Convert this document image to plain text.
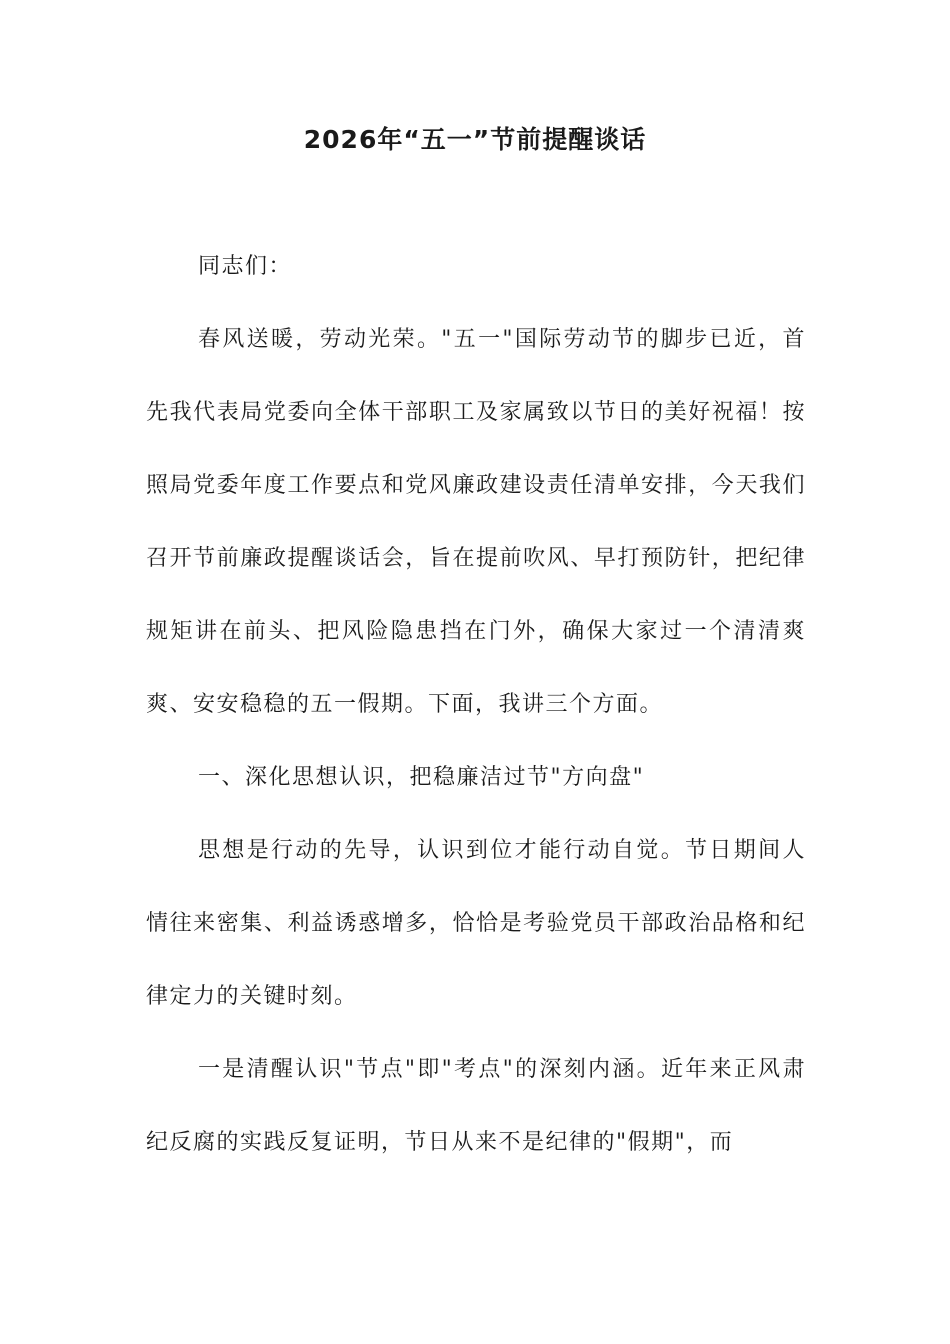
2026年“五一”节前提醒谈话

同志们：

春风送暖，劳动光荣。"五一"国际劳动节的脚步已近，首先我代表局党委向全体干部职工及家属致以节日的美好祝福！按照局党委年度工作要点和党风廉政建设责任清单安排，今天我们召开节前廉政提醒谈话会，旨在提前吹风、早打预防针，把纪律规矩讲在前头、把风险隐患挡在门外，确保大家过一个清清爽爽、安安稳稳的五一假期。下面，我讲三个方面。

一、深化思想认识，把稳廉洁过节"方向盘"

思想是行动的先导，认识到位才能行动自觉。节日期间人情往来密集、利益诱惑增多，恰恰是考验党员干部政治品格和纪律定力的关键时刻。

一是清醒认识"节点"即"考点"的深刻内涵。近年来正风肃纪反腐的实践反复证明，节日从来不是纪律的"假期"，而
